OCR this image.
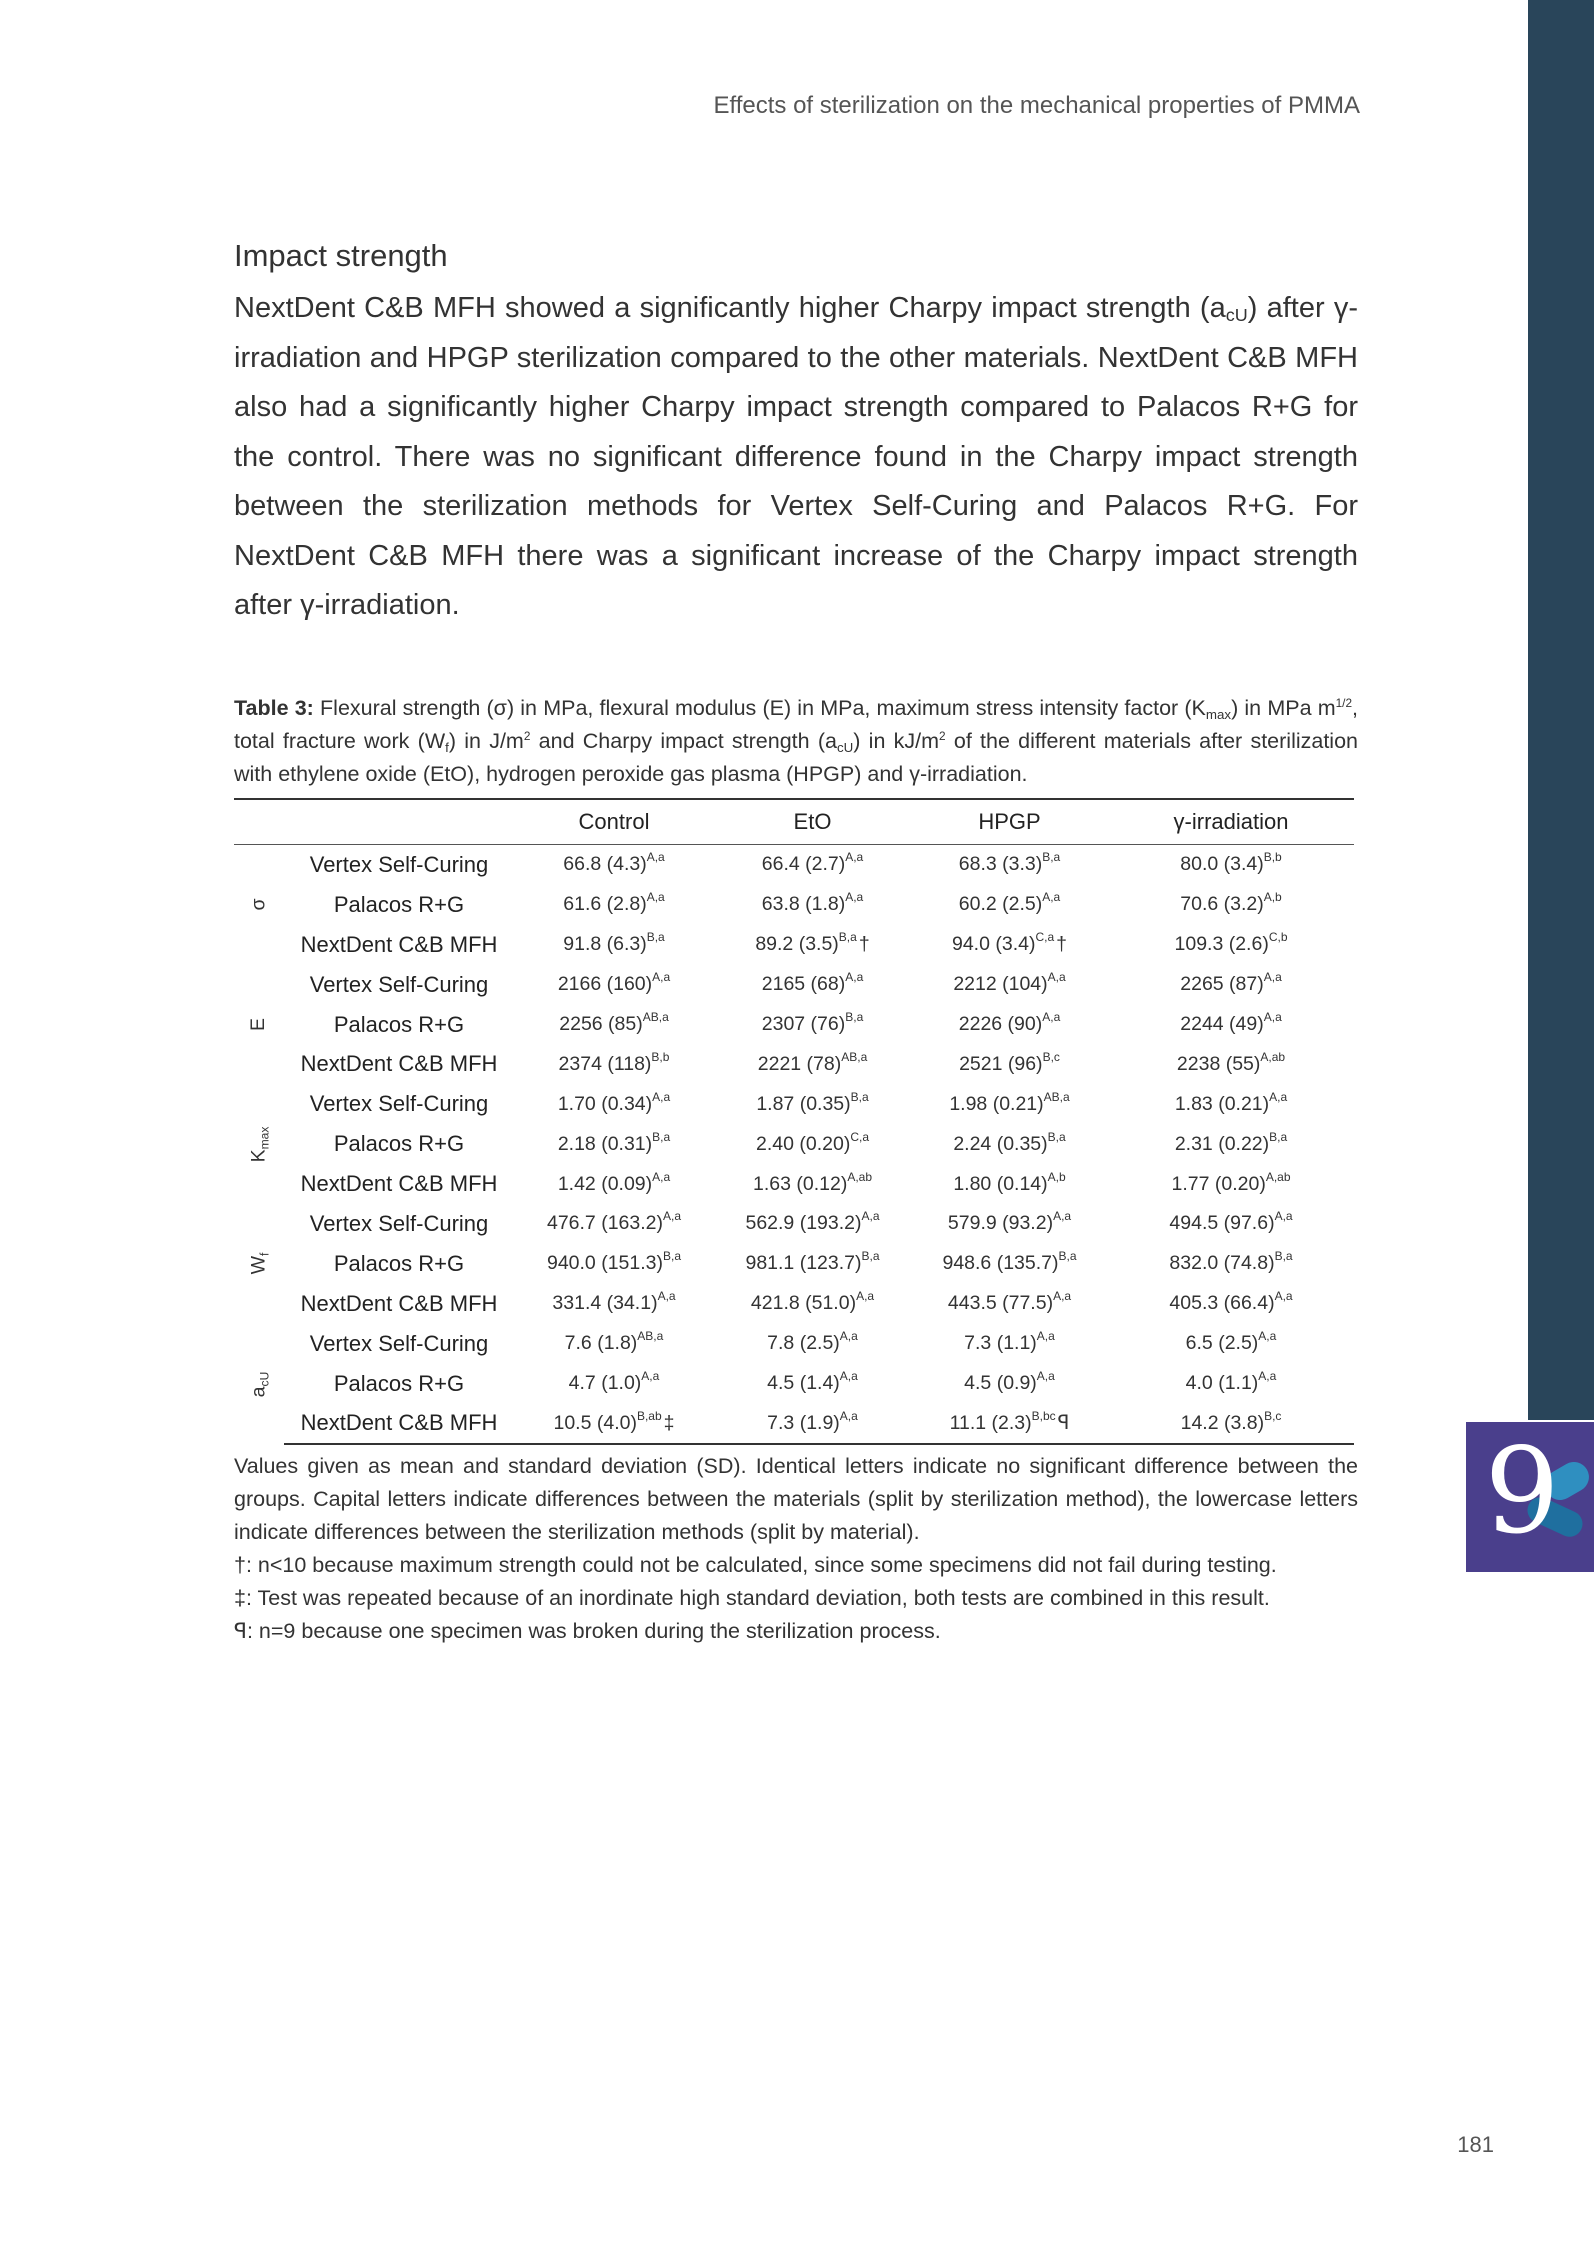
9
Effects of sterilization on the mechanical properties of PMMA
Impact strength

NextDent C&B MFH showed a significantly higher Charpy impact strength $(a_{cU})$ after γ-irradiation and HPGP sterilization compared to the other materials. NextDent C&B MFH also had a significantly higher Charpy impact strength compared to Palacos R+G for the control. There was no significant difference found in the Charpy impact strength between the sterilization methods for Vertex Self-Curing and Palacos R+G. For NextDent C&B MFH there was a significant increase of the Charpy impact strength after γ-irradiation.

Table 3: Flexural strength (σ) in MPa, flexural modulus (E) in MPa, maximum stress intensity factor $(K_{max})$ in MPa $m^{1/2}$, total fracture work $(W_f)$ in $J/m^2$ and Charpy impact strength $(a_{cU})$ in $kJ/m^2$ of the different materials after sterilization with ethylene oxide (EtO), hydrogen peroxide gas plasma (HPGP) and γ-irradiation.

		Control	EtO	HPGP	γ-irradiation
σ	Vertex Self-Curing	66.8 $(4.3)^{A,a}$	66.4 $(2.7)^{A,a}$	68.3 $(3.3)^{B,a}$	80.0 $(3.4)^{B,b}$
	Palacos R+G	61.6 $(2.8)^{A,a}$	63.8 $(1.8)^{A,a}$	60.2 $(2.5)^{A,a}$	70.6 $(3.2)^{A,b}$
	NextDent C&B MFH	91.8 $(6.3)^{B,a}$	89.2 $(3.5)^{B,a}$ †	94.0 $(3.4)^{C,a}$ †	109.3 $(2.6)^{C,b}$
E	Vertex Self-Curing	2166 $(160)^{A,a}$	2165 $(68)^{A,a}$	2212 $(104)^{A,a}$	2265 $(87)^{A,a}$
	Palacos R+G	2256 $(85)^{AB,a}$	2307 $(76)^{B,a}$	2226 $(90)^{A,a}$	2244 $(49)^{A,a}$
	NextDent C&B MFH	2374 $(118)^{B,b}$	2221 $(78)^{AB,a}$	2521 $(96)^{B,c}$	2238 $(55)^{A,ab}$
$K_{max}$	Vertex Self-Curing	1.70 $(0.34)^{A,a}$	1.87 $(0.35)^{B,a}$	1.98 $(0.21)^{AB,a}$	1.83 $(0.21)^{A,a}$
	Palacos R+G	2.18 $(0.31)^{B,a}$	2.40 $(0.20)^{C,a}$	2.24 $(0.35)^{B,a}$	2.31 $(0.22)^{B,a}$
	NextDent C&B MFH	1.42 $(0.09)^{A,a}$	1.63 $(0.12)^{A,ab}$	1.80 $(0.14)^{A,b}$	1.77 $(0.20)^{A,ab}$
$W_f$	Vertex Self-Curing	476.7 $(163.2)^{A,a}$	562.9 $(193.2)^{A,a}$	579.9 $(93.2)^{A,a}$	494.5 $(97.6)^{A,a}$
	Palacos R+G	940.0 $(151.3)^{B,a}$	981.1 $(123.7)^{B,a}$	948.6 $(135.7)^{B,a}$	832.0 $(74.8)^{B,a}$
	NextDent C&B MFH	331.4 $(34.1)^{A,a}$	421.8 $(51.0)^{A,a}$	443.5 $(77.5)^{A,a}$	405.3 $(66.4)^{A,a}$
$a_{cU}$	Vertex Self-Curing	7.6 $(1.8)^{AB,a}$	7.8 $(2.5)^{A,a}$	7.3 $(1.1)^{A,a}$	6.5 $(2.5)^{A,a}$
	Palacos R+G	4.7 $(1.0)^{A,a}$	4.5 $(1.4)^{A,a}$	4.5 $(0.9)^{A,a}$	4.0 $(1.1)^{A,a}$
	NextDent C&B MFH	10.5 $(4.0)^{B,ab}$ ‡	7.3 $(1.9)^{A,a}$	11.1 $(2.3)^{B,bc}$ ꟼ	14.2 $(3.8)^{B,c}$

Values given as mean and standard deviation (SD). Identical letters indicate no significant difference between the groups. Capital letters indicate differences between the materials (split by sterilization method), the lowercase letters indicate differences between the sterilization methods (split by material).

†: n<10 because maximum strength could not be calculated, since some specimens did not fail during testing.

‡: Test was repeated because of an inordinate high standard deviation, both tests are combined in this result.

ꟼ: n=9 because one specimen was broken during the sterilization process.

181
